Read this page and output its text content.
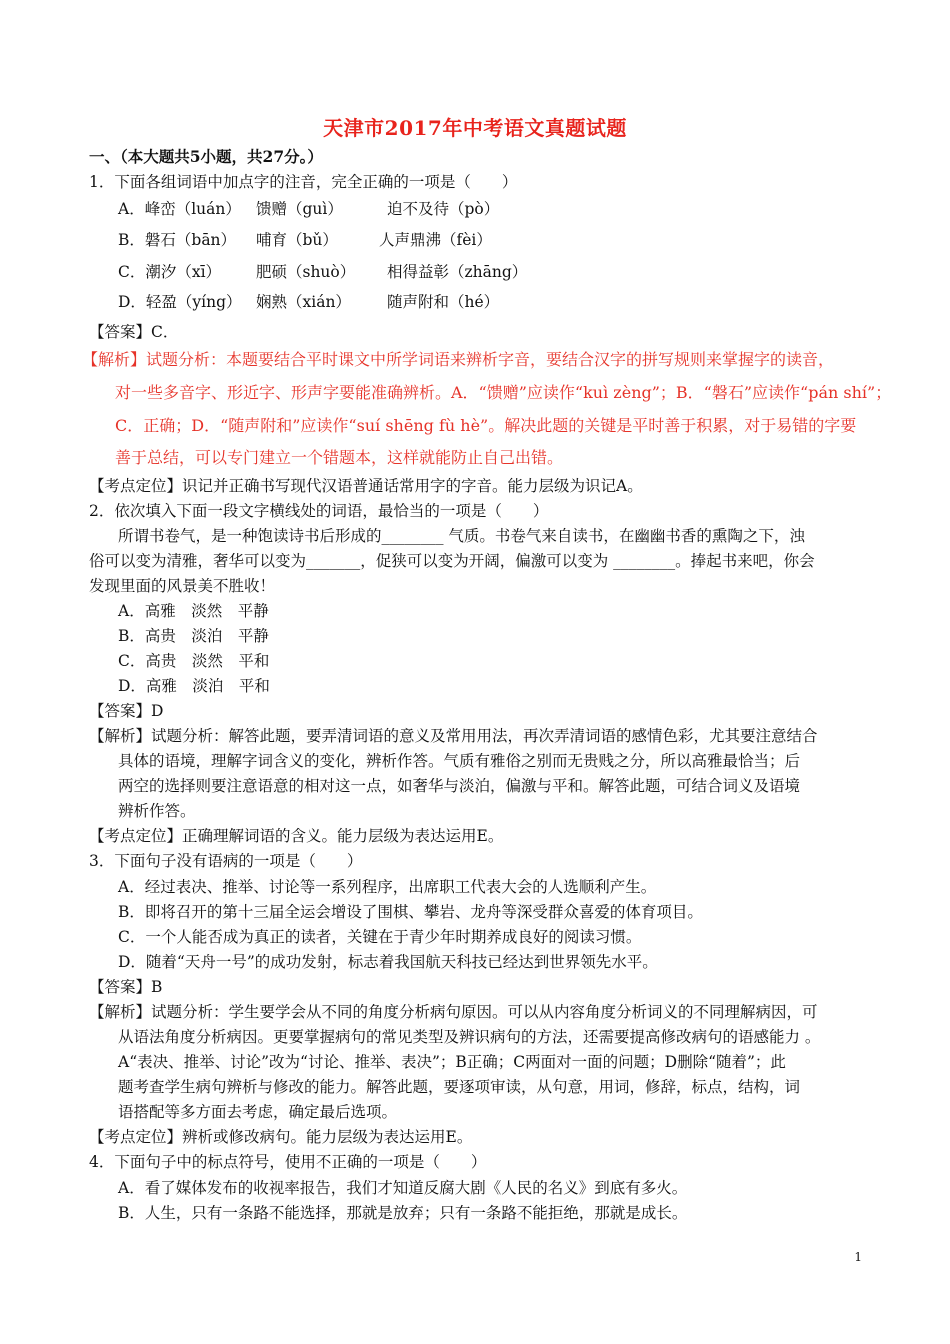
天津市2017年中考语文真题试题
一、（本大题共5小题，共27分。）
1．下面各组词语中加点字的注音，完全正确的一项是（　　）
A．峰峦（luán） 馈赠（guì）	迫不及待（pò）
B．磐石（bān） 哺育（bǔ）	人声鼎沸（fèi）
C．潮汐（xī） 肥硕（shuò） 相得益彰（zhāng）
D．轻盈（yíng） 娴熟（xián） 随声附和（hé）
【答案】C．
【解析】试题分析：本题要结合平时课文中所学词语来辨析字音，要结合汉字的拼写规则来掌握字的读音，
对一些多音字、形近字、形声字要能准确辨析。A．“馈赠”应读作“kuì zèng”；B．“磐石”应读作“pán shí”；
C．正确；D．“随声附和”应读作“suí shēng fù hè”。解决此题的关键是平时善于积累，对于易错的字要
善于总结，可以专门建立一个错题本，这样就能防止自己出错。
【考点定位】识记并正确书写现代汉语普通话常用字的字音。能力层级为识记A。
2．依次填入下面一段文字横线处的词语，最恰当的一项是（　　）
所谓书卷气，是一种饱读诗书后形成的________ 气质。书卷气来自读书，在幽幽书香的熏陶之下，浊
俗可以变为清雅，奢华可以变为_______，促狭可以变为开阔，偏激可以变为 ________。捧起书来吧，你会
发现里面的风景美不胜收！
A．高雅　淡然　平静
B．高贵　淡泊　平静
C．高贵　淡然　平和
D．高雅　淡泊　平和
【答案】D
【解析】试题分析：解答此题，要弄清词语的意义及常用用法，再次弄清词语的感情色彩，尤其要注意结合
具体的语境，理解字词含义的变化，辨析作答。气质有雅俗之别而无贵贱之分，所以高雅最恰当；后
两空的选择则要注意语意的相对这一点，如奢华与淡泊，偏激与平和。解答此题，可结合词义及语境
辨析作答。
【考点定位】正确理解词语的含义。能力层级为表达运用E。
3．下面句子没有语病的一项是（　　）
A．经过表决、推举、讨论等一系列程序，出席职工代表大会的人选顺利产生。
B．即将召开的第十三届全运会增设了围棋、攀岩、龙舟等深受群众喜爱的体育项目。
C．一个人能否成为真正的读者，关键在于青少年时期养成良好的阅读习惯。
D．随着“天舟一号”的成功发射，标志着我国航天科技已经达到世界领先水平。
【答案】B
【解析】试题分析：学生要学会从不同的角度分析病句原因。可以从内容角度分析词义的不同理解病因，可
从语法角度分析病因。更要掌握病句的常见类型及辨识病句的方法，还需要提高修改病句的语感能力 。
A“表决、推举、讨论”改为“讨论、推举、表决”；B正确；C两面对一面的问题；D删除“随着”；此
题考查学生病句辨析与修改的能力。解答此题，要逐项审读，从句意，用词，修辞，标点，结构，词
语搭配等多方面去考虑，确定最后选项。
【考点定位】辨析或修改病句。能力层级为表达运用E。
4．下面句子中的标点符号，使用不正确的一项是（　　）
A．看了媒体发布的收视率报告，我们才知道反腐大剧《人民的名义》到底有多火。
B．人生，只有一条路不能选择，那就是放弃；只有一条路不能拒绝，那就是成长。
1
